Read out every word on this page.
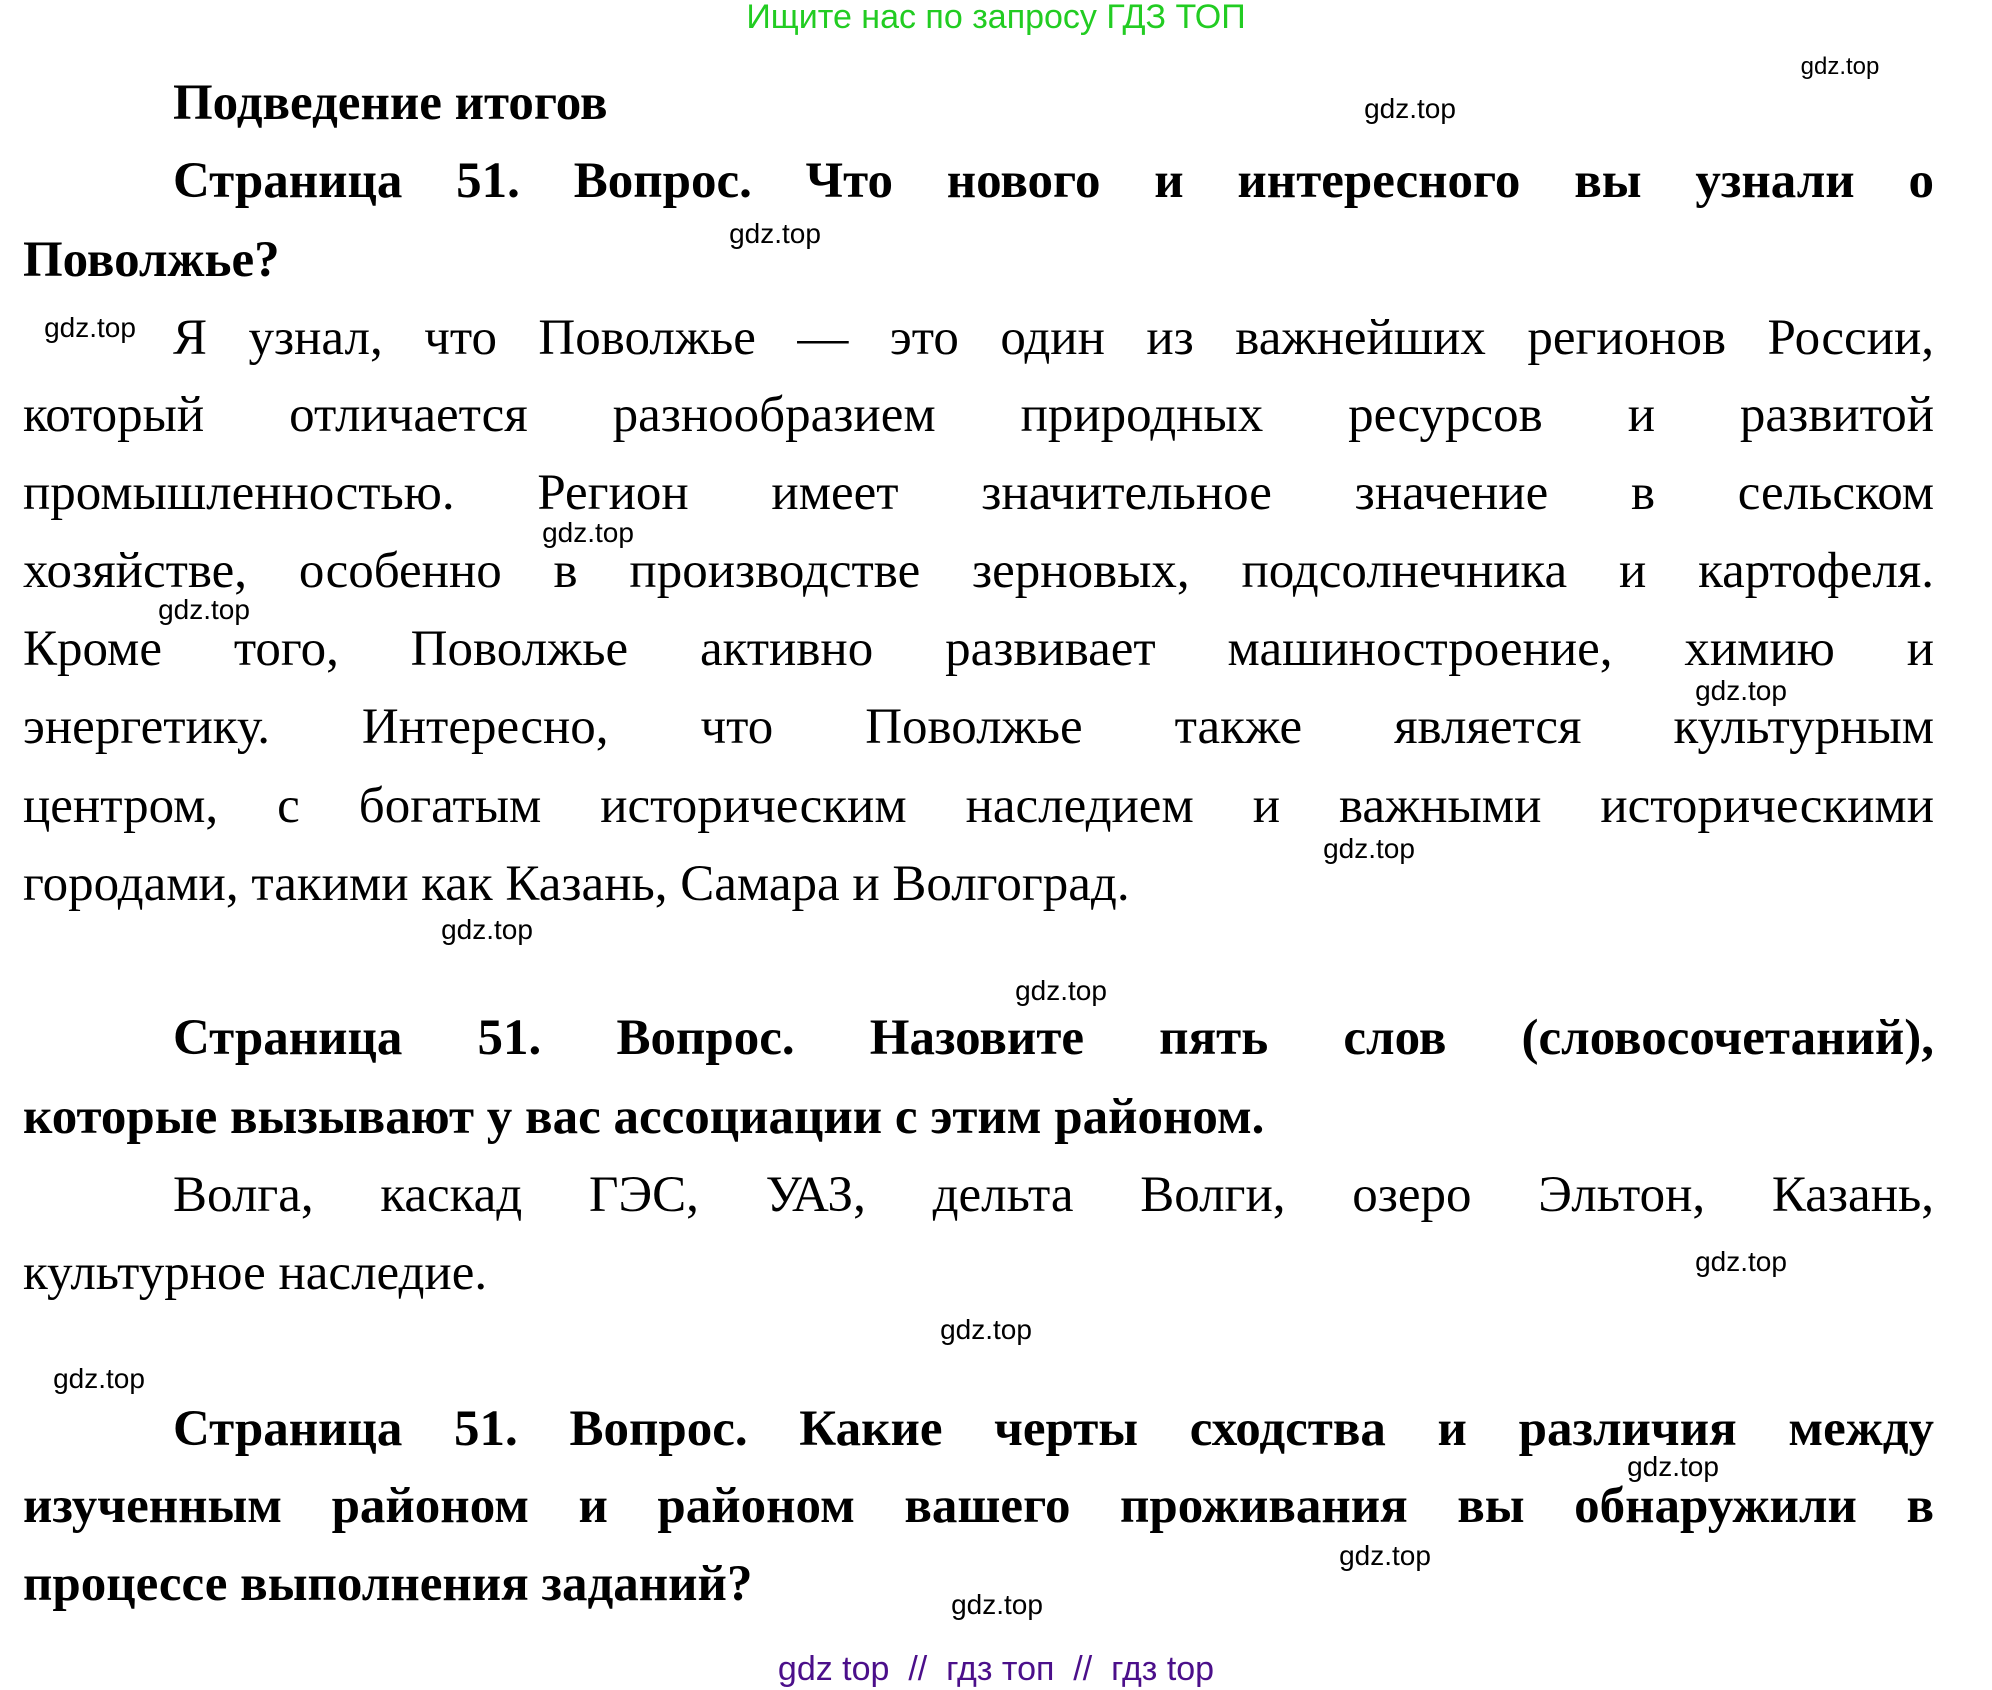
Ищите нас по запросу ГДЗ ТОП
Подведение итогов
Страница 51. Вопрос. Что нового и интересного вы узнали о
Поволжье?
Я узнал, что Поволжье — это один из важнейших регионов России,
который отличается разнообразием природных ресурсов и развитой
промышленностью. Регион имеет значительное значение в сельском
хозяйстве, особенно в производстве зерновых, подсолнечника и картофеля.
Кроме того, Поволжье активно развивает машиностроение, химию и
энергетику. Интересно, что Поволжье также является культурным
центром, с богатым историческим наследием и важными историческими
городами, такими как Казань, Самара и Волгоград.
Страница 51. Вопрос. Назовите пять слов (словосочетаний),
которые вызывают у вас ассоциации с этим районом.
Волга, каскад ГЭС, УАЗ, дельта Волги, озеро Эльтон, Казань,
культурное наследие.
Страница 51. Вопрос. Какие черты сходства и различия между
изученным районом и районом вашего проживания вы обнаружили в
процессе выполнения заданий?
gdz.top
gdz.top
gdz.top
gdz.top
gdz.top
gdz.top
gdz.top
gdz.top
gdz.top
gdz.top
gdz.top
gdz.top
gdz.top
gdz.top
gdz.top
gdz.top
gdz top  //  гдз топ  //  гдз top
